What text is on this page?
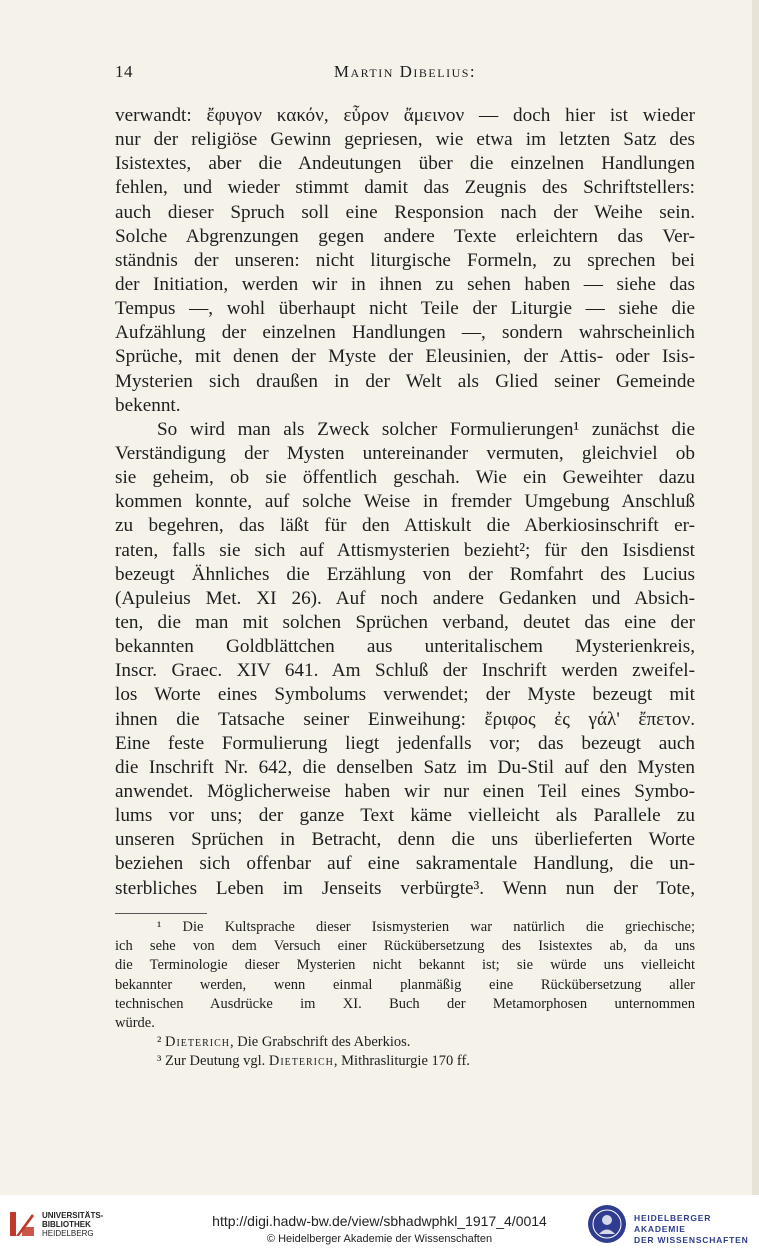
14	Martin Dibelius:
verwandt: ἔφυγον κακόν, εὗρον ἄμεινον — doch hier ist wieder
nur der religiöse Gewinn gepriesen, wie etwa im letzten Satz des
Isistextes, aber die Andeutungen über die einzelnen Handlungen
fehlen, und wieder stimmt damit das Zeugnis des Schriftstellers:
auch dieser Spruch soll eine Responsion nach der Weihe sein.
Solche Abgrenzungen gegen andere Texte erleichtern das Ver-
ständnis der unseren: nicht liturgische Formeln, zu sprechen bei
der Initiation, werden wir in ihnen zu sehen haben — siehe das
Tempus —, wohl überhaupt nicht Teile der Liturgie — siehe die
Aufzählung der einzelnen Handlungen —, sondern wahrscheinlich
Sprüche, mit denen der Myste der Eleusinien, der Attis- oder Isis-
Mysterien sich draußen in der Welt als Glied seiner Gemeinde
bekennt.
So wird man als Zweck solcher Formulierungen¹ zunächst die
Verständigung der Mysten untereinander vermuten, gleichviel ob
sie geheim, ob sie öffentlich geschah. Wie ein Geweihter dazu
kommen konnte, auf solche Weise in fremder Umgebung Anschluß
zu begehren, das läßt für den Attiskult die Aberkiosinschrift er-
raten, falls sie sich auf Attismysterien bezieht²; für den Isisdienst
bezeugt Ähnliches die Erzählung von der Romfahrt des Lucius
(Apuleius Met. XI 26). Auf noch andere Gedanken und Absich-
ten, die man mit solchen Sprüchen verband, deutet das eine der
bekannten Goldblättchen aus unteritalischem Mysterienkreis,
Inscr. Graec. XIV 641. Am Schluß der Inschrift werden zweifel-
los Worte eines Symbolums verwendet; der Myste bezeugt mit
ihnen die Tatsache seiner Einweihung: ἔριφος ἐς γάλ' ἔπετον.
Eine feste Formulierung liegt jedenfalls vor; das bezeugt auch
die Inschrift Nr. 642, die denselben Satz im Du-Stil auf den Mysten
anwendet. Möglicherweise haben wir nur einen Teil eines Symbo-
lums vor uns; der ganze Text käme vielleicht als Parallele zu
unseren Sprüchen in Betracht, denn die uns überlieferten Worte
beziehen sich offenbar auf eine sakramentale Handlung, die un-
sterbliches Leben im Jenseits verbürgte³. Wenn nun der Tote,
¹ Die Kultsprache dieser Isismysterien war natürlich die griechische;
ich sehe von dem Versuch einer Rückübersetzung des Isistextes ab, da uns
die Terminologie dieser Mysterien nicht bekannt ist; sie würde uns vielleicht
bekannter werden, wenn einmal planmäßig eine Rückübersetzung aller
technischen Ausdrücke im XI. Buch der Metamorphosen unternommen
würde.
² Dieterich, Die Grabschrift des Aberkios.
³ Zur Deutung vgl. Dieterich, Mithrasliturgie 170 ff.
UNIVERSITÄTS-
BIBLIOTHEK
HEIDELBERG
http://digi.hadw-bw.de/view/sbhadwphkl_1917_4/0014
© Heidelberger Akademie der Wissenschaften
HEIDELBERGER AKADEMIE
DER WISSENSCHAFTEN
